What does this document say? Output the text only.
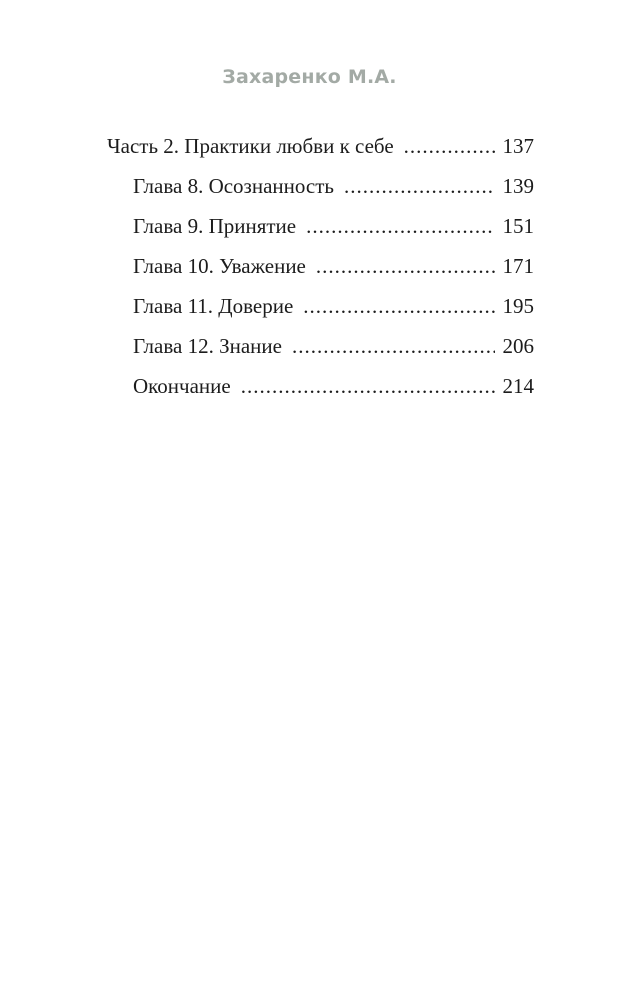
Захаренко М.А.
Часть 2. Практики любви к себе .....	137
Глава 8. Осознанность .....	139
Глава 9. Принятие .....	151
Глава 10. Уважение .....	171
Глава 11. Доверие .....	195
Глава 12. Знание .....	206
Окончание .....	214
